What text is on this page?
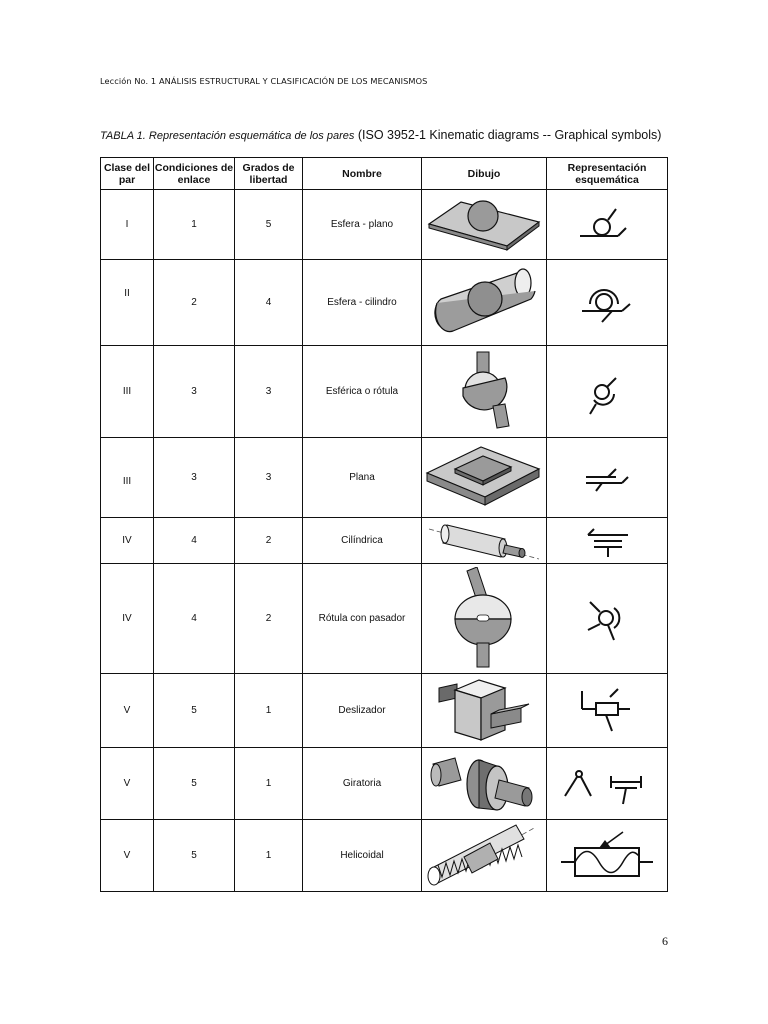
Lección No. 1 ANÁLISIS ESTRUCTURAL Y CLASIFICACIÓN DE LOS MECANISMOS
TABLA 1. Representación esquemática de los pares (ISO 3952-1 Kinematic diagrams -- Graphical symbols)
Clase del par	Condiciones de enlace	Grados de libertad	Nombre	Dibujo	Representación esquemática
I	1	5	Esfera - plano	

II	2	4	Esfera - cilindro	

III	3	3	Esférica o rótula	

III	3	3	Plana	

IV	4	2	Cilíndrica	

IV	4	2	Rótula con pasador	

V	5	1	Deslizador	

V	5	1	Giratoria	

V	5	1	Helicoidal	

6
